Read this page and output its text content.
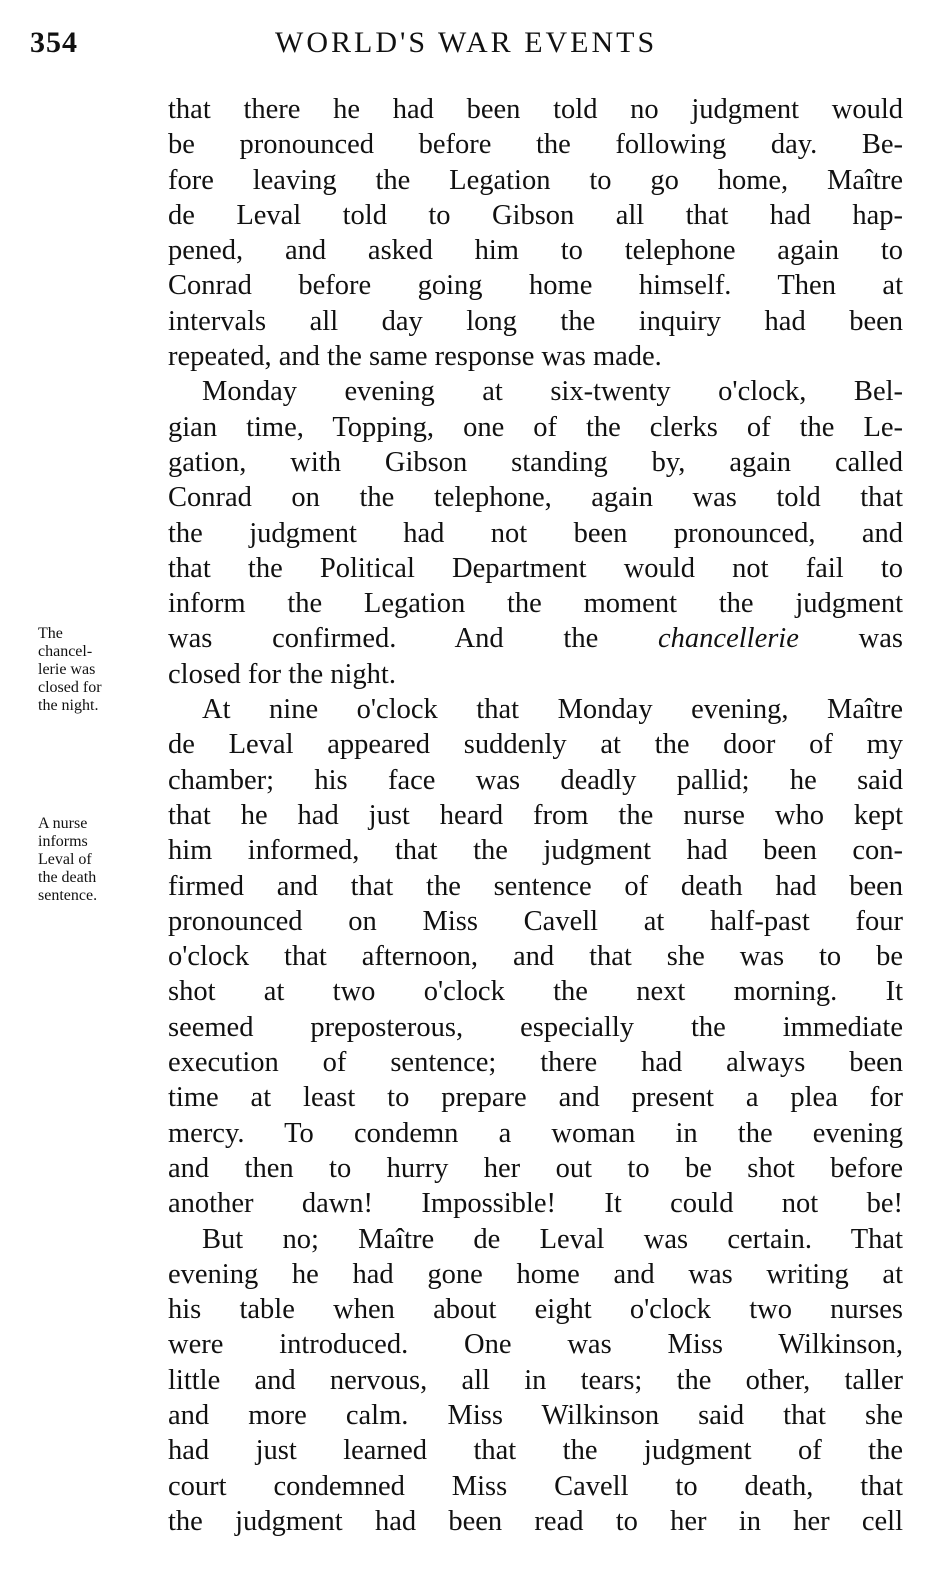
354	WORLD'S WAR EVENTS
The
chancel-
lerie was
closed for
the night.
A nurse
informs
Leval of
the death
sentence.
that there he had been told no judgment would
be pronounced before the following day. Be-
fore leaving the Legation to go home, Maître
de Leval told to Gibson all that had hap-
pened, and asked him to telephone again to
Conrad before going home himself. Then at
intervals all day long the inquiry had been
repeated, and the same response was made.
Monday evening at six-twenty o'clock, Bel-
gian time, Topping, one of the clerks of the Le-
gation, with Gibson standing by, again called
Conrad on the telephone, again was told that
the judgment had not been pronounced, and
that the Political Department would not fail to
inform the Legation the moment the judgment
was confirmed. And the chancellerie was
closed for the night.
At nine o'clock that Monday evening, Maître
de Leval appeared suddenly at the door of my
chamber; his face was deadly pallid; he said
that he had just heard from the nurse who kept
him informed, that the judgment had been con-
firmed and that the sentence of death had been
pronounced on Miss Cavell at half-past four
o'clock that afternoon, and that she was to be
shot at two o'clock the next morning. It
seemed preposterous, especially the immediate
execution of sentence; there had always been
time at least to prepare and present a plea for
mercy. To condemn a woman in the evening
and then to hurry her out to be shot before
another dawn! Impossible! It could not be!
But no; Maître de Leval was certain. That
evening he had gone home and was writing at
his table when about eight o'clock two nurses
were introduced. One was Miss Wilkinson,
little and nervous, all in tears; the other, taller
and more calm. Miss Wilkinson said that she
had just learned that the judgment of the
court condemned Miss Cavell to death, that
the judgment had been read to her in her cell
